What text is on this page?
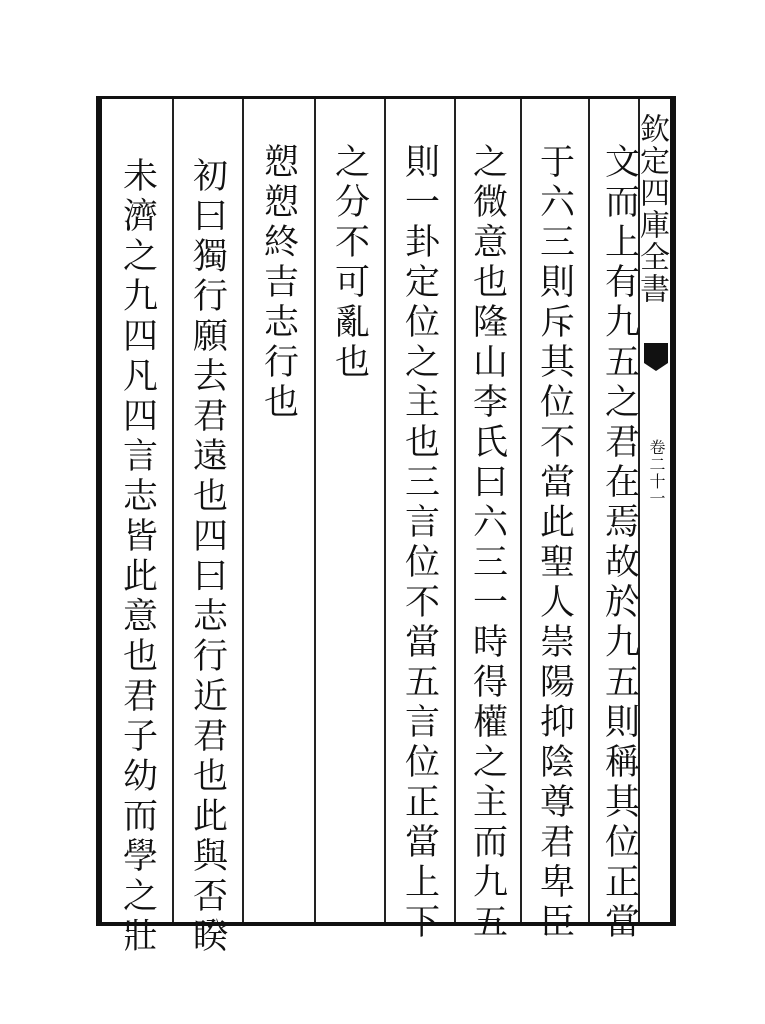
欽定四庫全書
卷二十一
文而上有九五之君在焉故於九五則稱其位正當
于六三則斥其位不當此聖人崇陽抑陰尊君卑臣
之微意也隆山李氏曰六三一時得權之主而九五
則一卦定位之主也三言位不當五言位正當上下
之分不可亂也
愬愬終吉志行也
初曰獨行願去君遠也四曰志行近君也此與否睽
未濟之九四凡四言志皆此意也君子幼而學之壯
